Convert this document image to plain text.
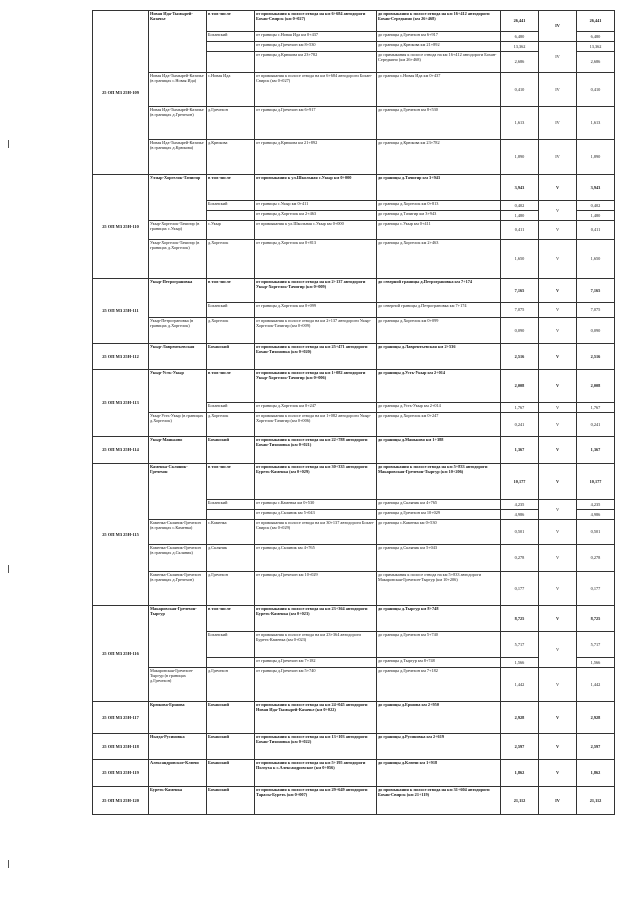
25 ОП МЗ 25Н-109	Новая Ида-Тымырей-Казачье	в том числе	от примыкания к полосе отвода на км 6+684 автодороги Бохан-Свирск (км 0+027)	до примыкания к полосе отвода на км 16+412 автодороги Бохан-Середкино (км 26+468)	26,441	IV	26,441
		Боханский	от границы с.Новая Ида км 0+437	до границы д.Гречехон км 6+917	6,480		6,480
			от границы д.Гречехон км 8+530	до границы д.Крюкова км 21+892	13,362	IV	13,362
			от границы д.Крюкова км 23+782	до примыкания к полосе отвода на км 16+412 автодороги Бохан-Середкино (км 26+468)	2,686		2,686
	Новая Ида-Тымырей-Казачье (в границах с.Новая Ида)	с.Новая Ида	от примыкания к полосе отвода на км 6+684 автодороги Бохан-Свирск (км 0+027)	до границы с.Новая Ида км 0+437	0,410	IV	0,410
	Новая Ида-Тымырей-Казачье (в границах д.Гречехон)	д.Гречехон	от границы д.Гречехон км 6+917	до границы д.Гречехон км 8+530	1,613	IV	1,613
	Новая Ида-Тымырей-Казачье (в границах д.Крюкова)	д.Крюкова	от границы д.Крюкова км 21+892	до границы д.Крюкова км 23+782	1,890	IV	1,890
25 ОП МЗ 25Н-110	Улзыр-Хоргелок-Тачигир	в том числе	от примыкания к ул.Школьная с.Укыр км 0+000	до границы д.Тачигир км 3+943	3,943	V	3,943
		Боханский	от границы с.Укыр км 0+411	до границы д.Хоргелок км 0+813	0,402	V	0,402
			от границы д.Хоргелок км 2+463	до границы д.Тачигир км 3+943	1,480		1,480
	Укыр-Хоргелок-Тачигир (в границах с.Укыр)	с.Укыр	от примыкания к ул.Школьная с.Укыр км 0+000	до границы с.Укыр км 0+411	0,411	V	0,411
	Укыр-Хоргелок-Тачигир (в границах д.Хоргелок)	д.Хоргелок	от границы д.Хоргелок км 0+813	до границы д.Хоргелок км 2+463	1,650	V	1,650
25 ОП МЗ 25Н-111	Укыр-Петрограновка	в том числе	от примыкания к полосе отвода на км 2+137 автодороги Укыр-Хоргелок-Тачигир (км 0+009)	до северной границы д.Петрограновка км 7+174	7,165	V	7,165
		Боханский	от границы д.Хоргелок км 0+099	до северной границы д.Петрограновка км 7+174	7,075	V	7,075
	Укыр-Петрограновка (в границах д.Хоргелок)	д.Хоргелок	от примыкания к полосе отвода на км 2+137 автодороги Укыр-Хоргелок-Тачигир (км 0+009)	до границы д.Хоргелок км 0+099	0,090	V	0,090
25 ОП МЗ 25Н-112	Укыр-Лаврентьевская	Боханский	от примыкания к полосе отвода на км 25+471 автодороги Бохан-Тихоновка (км 0+020)	до границы д.Лаврентьевская км 2+536	2,516	V	2,516
25 ОП МЗ 25Н-113	Укыр-Усть-Укыр	в том числе	от примыкания к полосе отвода на км 1+082 автодороги Укыр-Хоргелок-Тачигир (км 0+006)	до границы д.Усть-Укыр км 2+014	2,008	V	2,008
		Боханский	от границы д.Хоргелок км 0+247	до границы д.Усть-Укыр км 2+014	1,767	V	1,767
	Укыр-Усть-Укыр (в границах д.Хоргелок)	д.Хоргелок	от примыкания к полосе отвода на км 1+082 автодороги Укыр-Хоргелок-Тачигир (км 0+006)	до границы д.Хоргелок км 0+247	0,241	V	0,241
25 ОП МЗ 25Н-114	Укыр-Маньково	Боханский	от примыкания к полосе отвода на км 22+788 автодороги Бохан-Тихоновка (км 0+021)	до границы д.Маньково км 1+388	1,367	V	1,367
25 ОП МЗ 25Н-115	Каменка-Скляник-Гречехон	в том числе	от примыкания к полосе отвода на км 30+335 автодороги Буреть-Каменка (км 0+029)	до примыкания к полосе отвода на км 5+833 автодороги Макаровская-Гречехон-Тыргур (км 10+206)	10,177	V	10,177
		Боханский	от границы с.Каменка км 0+530	до границы д.Скляник км 4+765	4,235	V	4,235
			от границы д.Скляник км 5+043	до границы д.Гречехон км 10+029	4,986		4,986
	Каменка-Скляник-Гречехон (в границах с.Каменка)	с.Каменка	от примыкания к полосе отвода на км 30+137 автодороги Бохан-Свирск (км 0+029)	до границы с.Каменка км 0+530	0,501	V	0,501
	Каменка-Скляник-Гречехон (в границах д.Скляник)	д.Скляник	от границы д.Скляник км 4+765	до границы д.Скляник км 5+043	0,278	V	0,278
	Каменка-Скляник-Гречехон (в границах д.Гречехон)	д.Гречехон	от границы д.Гречехон км 10+029	до примыкания к полосе отвода на км 5+833 автодороги Макаровская-Гречехон-Тыргур (км 10+206)	0,177	V	0,177
25 ОП МЗ 25Н-116	Макаровская-Гречехон-Тыргур	в том числе	от примыкания к полосе отвода на км 23+364 автодороги Буреть-Каменка (км 0+023)	до границы д.Тыргур км 8+748	8,725	V	8,725
		Боханский	от примыкания к полосе отвода на км 23+364 автодороги Буреть-Каменка (км 0+023)	до границы д.Гречехон км 5+740	5,717	V	5,717
			от границы д.Гречехон км 7+182	до границы д.Тыргур км 8+748	1,566		1,566
	Макаровская-Гречехон-Тыргур (в границах д.Гречехон)	д.Гречехон	от границы д.Гречехон км 5+740	до границы д.Гречехон км 7+182	1,442	V	1,442
25 ОП МЗ 25Н-117	Крюкова-Ершова	Боханский	от примыкания к полосе отвода на км 24+045 автодороги Новая Ида-Тымырей-Казачье (км 0+022)	до границы д.Ершова км 2+950	2,928	V	2,928
25 ОП МЗ 25Н-118	Ныгда-Русиновка	Боханский	от примыкания к полосе отвода на км 13+103 автодороги Бохан-Тихоновка (км 0+022)	до границы д.Русиновка км 2+619	2,597	V	2,597
25 ОП МЗ 25Н-119	Александровское-Ключи	Боханский	от примыкания к полосе отвода на км 5+195 автодороги Ползуха к с.Александровское (км 0+056)	до границы д.Ключи км 1+918	1,862	V	1,862
25 ОП МЗ 25Н-120	Буреть-Каменка	Боханский	от примыкания к полосе отвода на км 29+649 автодороги Тарасы-Буреть (км 0+007)	до примыкания к полосе отвода на км 31+604 автодороги Бохан-Свирск (км 21+119)	21,112	IV	21,112
